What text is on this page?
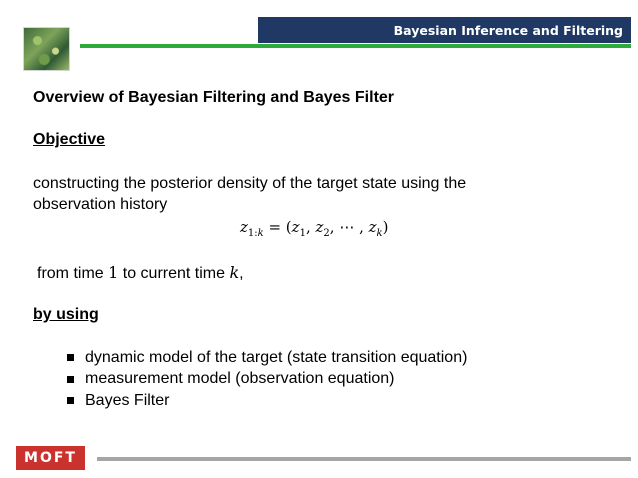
Bayesian Inference and Filtering
Overview of Bayesian Filtering and Bayes Filter
Objective
constructing the posterior density of the target state using the
observation history
$z_{1:k} = (z_1$, $z_2$, ⋯ , $z_k$)
from time 1 to current time k,
by using
dynamic model of the target (state transition equation)
measurement model (observation equation)
Bayes Filter
MOFT
